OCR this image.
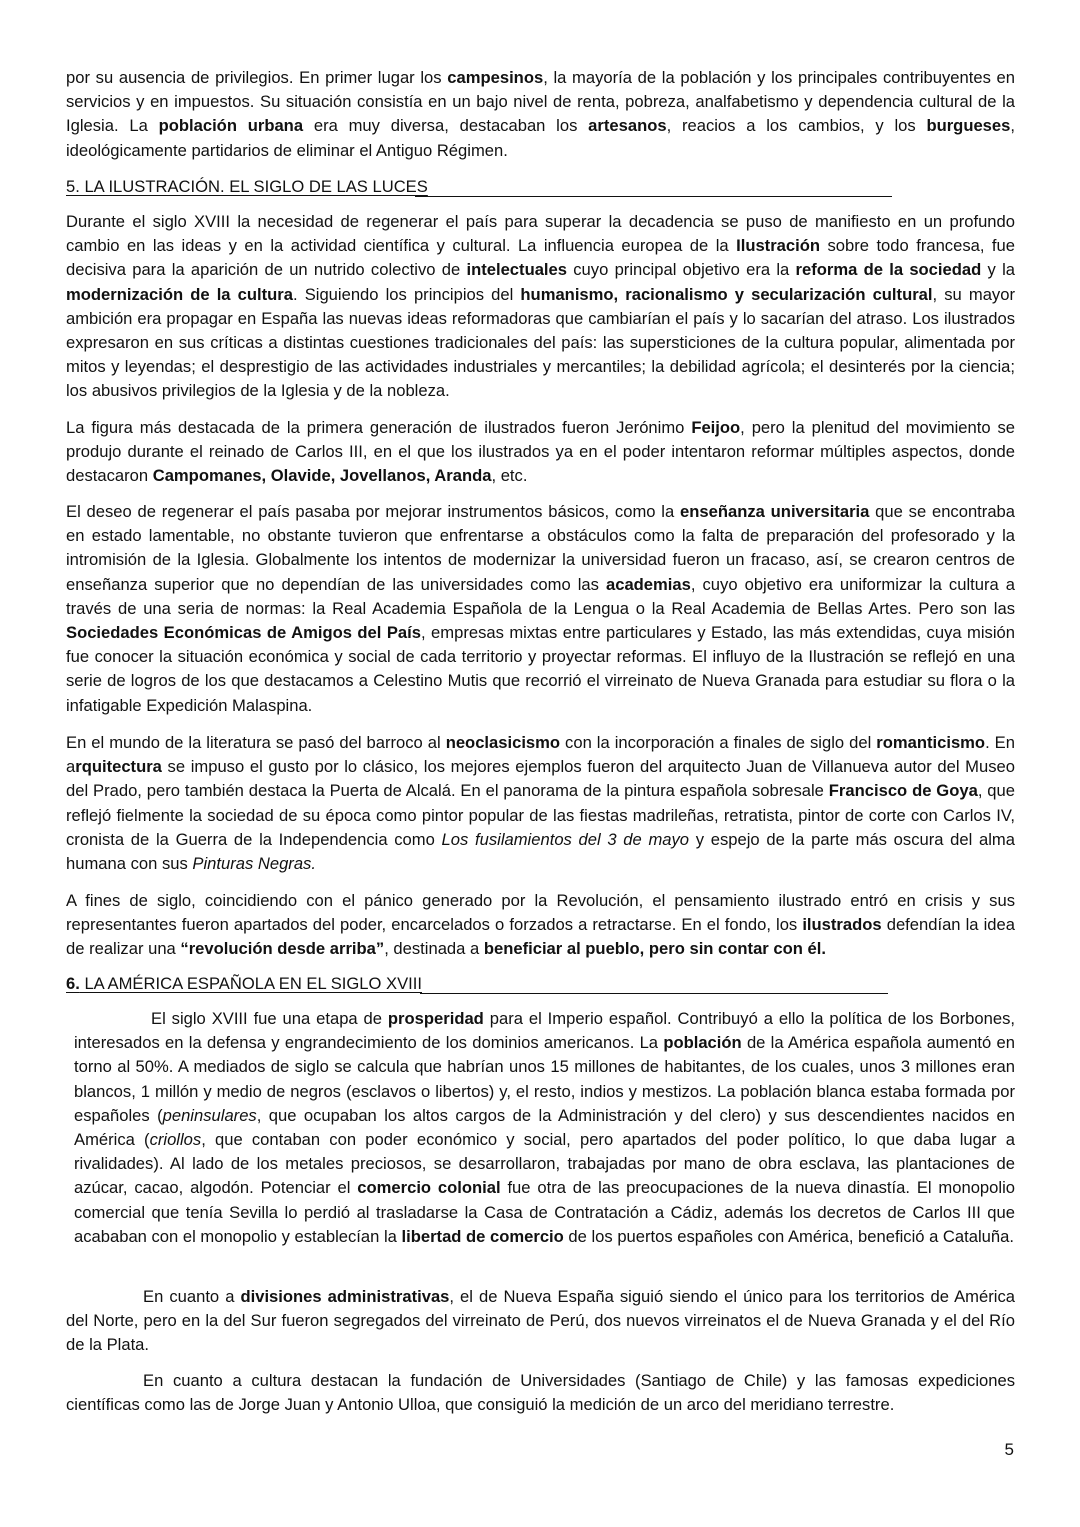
por su ausencia de privilegios. En primer lugar los campesinos, la mayoría de la población y los principales contribuyentes en servicios y en impuestos. Su situación consistía en un bajo nivel de renta, pobreza, analfabetismo y dependencia cultural de la Iglesia. La población urbana era muy diversa, destacaban los artesanos, reacios a los cambios, y los burgueses, ideológicamente partidarios de eliminar el Antiguo Régimen.

5. LA ILUSTRACIÓN. EL SIGLO DE LAS LUCES

Durante el siglo XVIII la necesidad de regenerar el país para superar la decadencia se puso de manifiesto en un profundo cambio en las ideas y en la actividad científica y cultural. La influencia europea de la Ilustración sobre todo francesa, fue decisiva para la aparición de un nutrido colectivo de intelectuales cuyo principal objetivo era la reforma de la sociedad y la modernización de la cultura. Siguiendo los principios del humanismo, racionalismo y secularización cultural, su mayor ambición era propagar en España las nuevas ideas reformadoras que cambiarían el país y lo sacarían del atraso. Los ilustrados expresaron en sus críticas a distintas cuestiones tradicionales del país: las supersticiones de la cultura popular, alimentada por mitos y leyendas; el desprestigio de las actividades industriales y mercantiles; la debilidad agrícola; el desinterés por la ciencia; los abusivos privilegios de la Iglesia y de la nobleza.

La figura más destacada de la primera generación de ilustrados fueron Jerónimo Feijoo, pero la plenitud del movimiento se produjo durante el reinado de Carlos III, en el que los ilustrados ya en el poder intentaron reformar múltiples aspectos, donde destacaron Campomanes, Olavide, Jovellanos, Aranda, etc.

El deseo de regenerar el país pasaba por mejorar instrumentos básicos, como la enseñanza universitaria que se encontraba en estado lamentable, no obstante tuvieron que enfrentarse a obstáculos como la falta de preparación del profesorado y la intromisión de la Iglesia. Globalmente los intentos de modernizar la universidad fueron un fracaso, así, se crearon centros de enseñanza superior que no dependían de las universidades como las academias, cuyo objetivo era uniformizar la cultura a través de una seria de normas: la Real Academia Española de la Lengua o la Real Academia de Bellas Artes. Pero son las Sociedades Económicas de Amigos del País, empresas mixtas entre particulares y Estado, las más extendidas, cuya misión fue conocer la situación económica y social de cada territorio y proyectar reformas. El influyo de la Ilustración se reflejó en una serie de logros de los que destacamos a Celestino Mutis que recorrió el virreinato de Nueva Granada para estudiar su flora o la infatigable Expedición Malaspina.

En el mundo de la literatura se pasó del barroco al neoclasicismo con la incorporación a finales de siglo del romanticismo. En arquitectura se impuso el gusto por lo clásico, los mejores ejemplos fueron del arquitecto Juan de Villanueva autor del Museo del Prado, pero también destaca la Puerta de Alcalá. En el panorama de la pintura española sobresale Francisco de Goya, que reflejó fielmente la sociedad de su época como pintor popular de las fiestas madrileñas, retratista, pintor de corte con Carlos IV, cronista de la Guerra de la Independencia como Los fusilamientos del 3 de mayo y espejo de la parte más oscura del alma humana con sus Pinturas Negras.

A fines de siglo, coincidiendo con el pánico generado por la Revolución, el pensamiento ilustrado entró en crisis y sus representantes fueron apartados del poder, encarcelados o forzados a retractarse. En el fondo, los ilustrados defendían la idea de realizar una “revolución desde arriba”, destinada a beneficiar al pueblo, pero sin contar con él.

6. LA AMÉRICA ESPAÑOLA EN EL SIGLO XVIII

El siglo XVIII fue una etapa de prosperidad para el Imperio español. Contribuyó a ello la política de los Borbones, interesados en la defensa y engrandecimiento de los dominios americanos. La población de la América española aumentó en torno al 50%. A mediados de siglo se calcula que habrían unos 15 millones de habitantes, de los cuales, unos 3 millones eran blancos, 1 millón y medio de negros (esclavos o libertos) y, el resto, indios y mestizos. La población blanca estaba formada por españoles (peninsulares, que ocupaban los altos cargos de la Administración y del clero) y sus descendientes nacidos en América (criollos, que contaban con poder económico y social, pero apartados del poder político, lo que daba lugar a rivalidades). Al lado de los metales preciosos, se desarrollaron, trabajadas por mano de obra esclava, las plantaciones de azúcar, cacao, algodón. Potenciar el comercio colonial fue otra de las preocupaciones de la nueva dinastía. El monopolio comercial que tenía Sevilla lo perdió al trasladarse la Casa de Contratación a Cádiz, además los decretos de Carlos III que acababan con el monopolio y establecían la libertad de comercio de los puertos españoles con América, benefició a Cataluña.

En cuanto a divisiones administrativas, el de Nueva España siguió siendo el único para los territorios de América del Norte, pero en la del Sur fueron segregados del virreinato de Perú, dos nuevos virreinatos el de Nueva Granada y el del Río de la Plata.

En cuanto a cultura destacan la fundación de Universidades (Santiago de Chile) y las famosas expediciones científicas como las de Jorge Juan y Antonio Ulloa, que consiguió la medición de un arco del meridiano terrestre.

5
